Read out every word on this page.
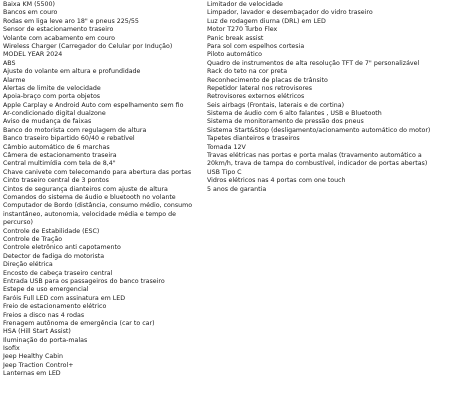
Baixa KM (5500)
Bancos em couro
Rodas em liga leve aro 18" e pneus 225/55
Sensor de estacionamento traseiro
Volante com acabamento em couro
Wireless Charger (Carregador do Celular por Indução)
MODEL YEAR 2024
ABS
Ajuste do volante em altura e profundidade
Alarme
Alertas de limite de velocidade
Apoia-braço com porta objetos
Apple Carplay e Android Auto com espelhamento sem fio
Ar-condicionado digital dualzone
Aviso de mudança de faixas
Banco do motorista com regulagem de altura
Banco traseiro bipartido 60/40 e rebatível
Câmbio automático de 6 marchas
Câmera de estacionamento traseira
Central multimídia com tela de 8,4"
Chave canivete com telecomando para abertura das portas
Cinto traseiro central de 3 pontos
Cintos de segurança dianteiros com ajuste de altura
Comandos do sistema de áudio e bluetooth no volante
Computador de Bordo (distância, consumo médio, consumo instantâneo, autonomia, velocidade média e tempo de percurso)
Controle de Estabilidade (ESC)
Controle de Tração
Controle eletrônico anti capotamento
Detector de fadiga do motorista
Direção elétrica
Encosto de cabeça traseiro central
Entrada USB para os passageiros do banco traseiro
Estepe de uso emergencial
Faróis Full LED com assinatura em LED
Freio de estacionamento elétrico
Freios a disco nas 4 rodas
Frenagem autônoma de emergência (car to car)
HSA (Hill Start Assist)
Iluminação do porta-malas
Isofix
Jeep Healthy Cabin
Jeep Traction Control+
Lanternas em LED
Limitador de velocidade
Limpador, lavador e desembaçador do vidro traseiro
Luz de rodagem diurna (DRL) em LED
Motor T270 Turbo Flex
Panic break assist
Para sol com espelhos cortesia
Piloto automático
Quadro de instrumentos de alta resolução TFT de 7" personalizável
Rack do teto na cor preta
Reconhecimento de placas de trânsito
Repetidor lateral nos retrovisores
Retrovisores externos elétricos
Seis airbags (Frontais, laterais e de cortina)
Sistema de áudio com 6 alto falantes , USB e Bluetooth
Sistema de monitoramento de pressão dos pneus
Sistema Start&Stop (desligamento/acionamento automático do motor)
Tapetes dianteiros e traseiros
Tomada 12V
Travas elétricas nas portas e porta malas (travamento automático a 20km/h, trava de tampa do combustível, indicador de portas abertas)
USB Tipo C
Vidros elétricos nas 4 portas com one touch
5 anos de garantia
